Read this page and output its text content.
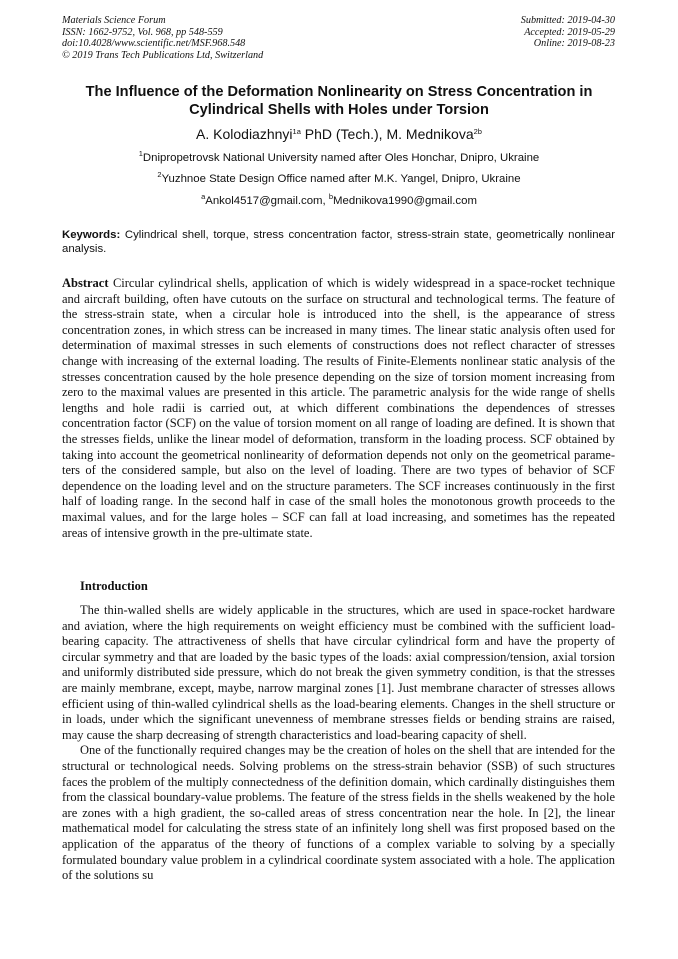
Materials Science Forum
ISSN: 1662-9752, Vol. 968, pp 548-559
doi:10.4028/www.scientific.net/MSF.968.548
© 2019 Trans Tech Publications Ltd, Switzerland
Submitted: 2019-04-30
Accepted: 2019-05-29
Online: 2019-08-23
The Influence of the Deformation Nonlinearity on Stress Concentration in Cylindrical Shells with Holes under Torsion
A. Kolodiazhnyi$^{1a}$ PhD (Tech.), M. Mednikova$^{2b}$
$^1$Dnipropetrovsk National University named after Oles Honchar, Dnipro, Ukraine
$^2$Yuzhnoe State Design Office named after M.K. Yangel, Dnipro, Ukraine
$^a$Ankol4517@gmail.com, $^b$Mednikova1990@gmail.com
Keywords: Cylindrical shell, torque, stress concentration factor, stress-strain state, geometrically nonlinear analysis.
Abstract Circular cylindrical shells, application of which is widely widespread in a space-rocket technique and aircraft building, often have cutouts on the surface on structural and technological terms. The feature of the stress-strain state, when a circular hole is introduced into the shell, is the appearance of stress concentration zones, in which stress can be increased in many times. The linear static analysis often used for determination of maximal stresses in such elements of constructions does not reflect character of stresses change with increasing of the external loading. The results of Finite-Elements nonlinear static analysis of the stresses concentration caused by the hole presence depending on the size of torsion moment increasing from zero to the maximal values are presented in this article. The parametric analysis for the wide range of shells lengths and hole radii is carried out, at which different combinations the dependences of stresses concentration factor (SCF) on the value of torsion moment on all range of loading are defined. It is shown that the stresses fields, unlike the linear model of deformation, transform in the loading process. SCF obtained by taking into account the geometrical nonlinearity of deformation depends not only on the geometrical parameters of the considered sample, but also on the level of loading. There are two types of behavior of SCF dependence on the loading level and on the structure parameters. The SCF increases continuously in the first half of loading range. In the second half in case of the small holes the monotonous growth proceeds to the maximal values, and for the large holes – SCF can fall at load increasing, and sometimes has the repeated areas of intensive growth in the pre-ultimate state.
Introduction

The thin-walled shells are widely applicable in the structures, which are used in space-rocket hardware and aviation, where the high requirements on weight efficiency must be combined with the sufficient load-bearing capacity. The attractiveness of shells that have circular cylindrical form and have the property of circular symmetry and that are loaded by the basic types of the loads: axial compression/tension, axial torsion and uniformly distributed side pressure, which do not break the given symmetry condition, is that the stresses are mainly membrane, except, maybe, narrow marginal zones [1]. Just membrane character of stresses allows efficient using of thin-walled cylindrical shells as the load-bearing elements. Changes in the shell structure or in loads, under which the significant unevenness of membrane stresses fields or bending strains are raised, may cause the sharp decreasing of strength characteristics and load-bearing capacity of shell.

One of the functionally required changes may be the creation of holes on the shell that are intended for the structural or technological needs. Solving problems on the stress-strain behavior (SSB) of such structures faces the problem of the multiply connectedness of the definition domain, which cardinally distinguishes them from the classical boundary-value problems. The feature of the stress fields in the shells weakened by the hole are zones with a high gradient, the so-called areas of stress concentration near the hole. In [2], the linear mathematical model for calculating the stress state of an infinitely long shell was first proposed based on the application of the apparatus of the theory of functions of a complex variable to solving by a specially formulated boundary value problem in a cylindrical coordinate system associated with a hole. The application of the solutions su
